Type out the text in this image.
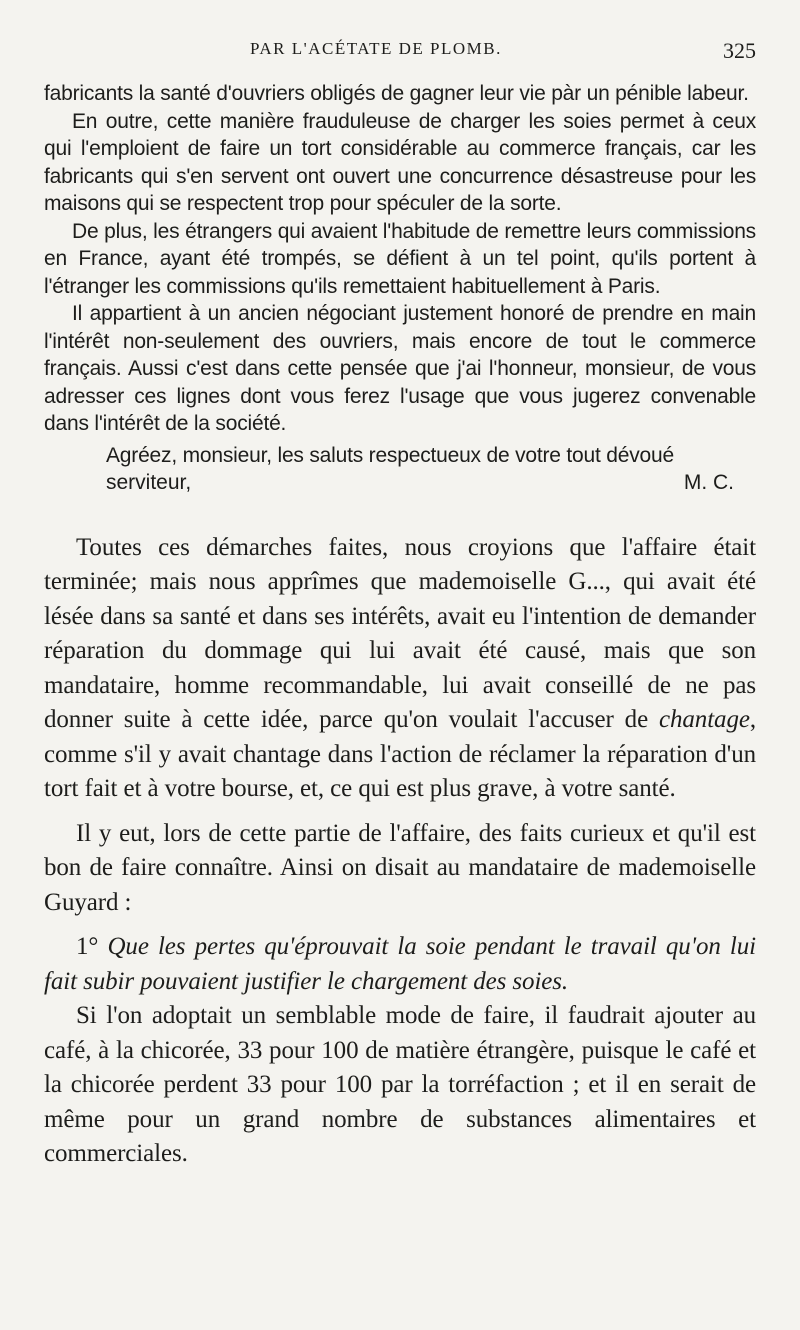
PAR L'ACÉTATE DE PLOMB.	325

fabricants la santé d'ouvriers obligés de gagner leur vie pàr un pénible labeur.

En outre, cette manière frauduleuse de charger les soies permet à ceux qui l'emploient de faire un tort considérable au commerce français, car les fabricants qui s'en servent ont ouvert une concurrence désastreuse pour les maisons qui se respectent trop pour spéculer de la sorte.

De plus, les étrangers qui avaient l'habitude de remettre leurs commissions en France, ayant été trompés, se défient à un tel point, qu'ils portent à l'étranger les commissions qu'ils remettaient habituellement à Paris.

Il appartient à un ancien négociant justement honoré de prendre en main l'intérêt non-seulement des ouvriers, mais encore de tout le commerce français. Aussi c'est dans cette pensée que j'ai l'honneur, monsieur, de vous adresser ces lignes dont vous ferez l'usage que vous jugerez convenable dans l'intérêt de la société.

Agréez, monsieur, les saluts respectueux de votre tout dévoué
serviteur,	M. C.

Toutes ces démarches faites, nous croyions que l'affaire était terminée; mais nous apprîmes que mademoiselle G..., qui avait été lésée dans sa santé et dans ses intérêts, avait eu l'intention de demander réparation du dommage qui lui avait été causé, mais que son mandataire, homme recommandable, lui avait conseillé de ne pas donner suite à cette idée, parce qu'on voulait l'accuser de chantage, comme s'il y avait chantage dans l'action de réclamer la réparation d'un tort fait et à votre bourse, et, ce qui est plus grave, à votre santé.

Il y eut, lors de cette partie de l'affaire, des faits curieux et qu'il est bon de faire connaître. Ainsi on disait au mandataire de mademoiselle Guyard :

1° Que les pertes qu'éprouvait la soie pendant le travail qu'on lui fait subir pouvaient justifier le chargement des soies.

Si l'on adoptait un semblable mode de faire, il faudrait ajouter au café, à la chicorée, 33 pour 100 de matière étrangère, puisque le café et la chicorée perdent 33 pour 100 par la torréfaction ; et il en serait de même pour un grand nombre de substances alimentaires et commerciales.
